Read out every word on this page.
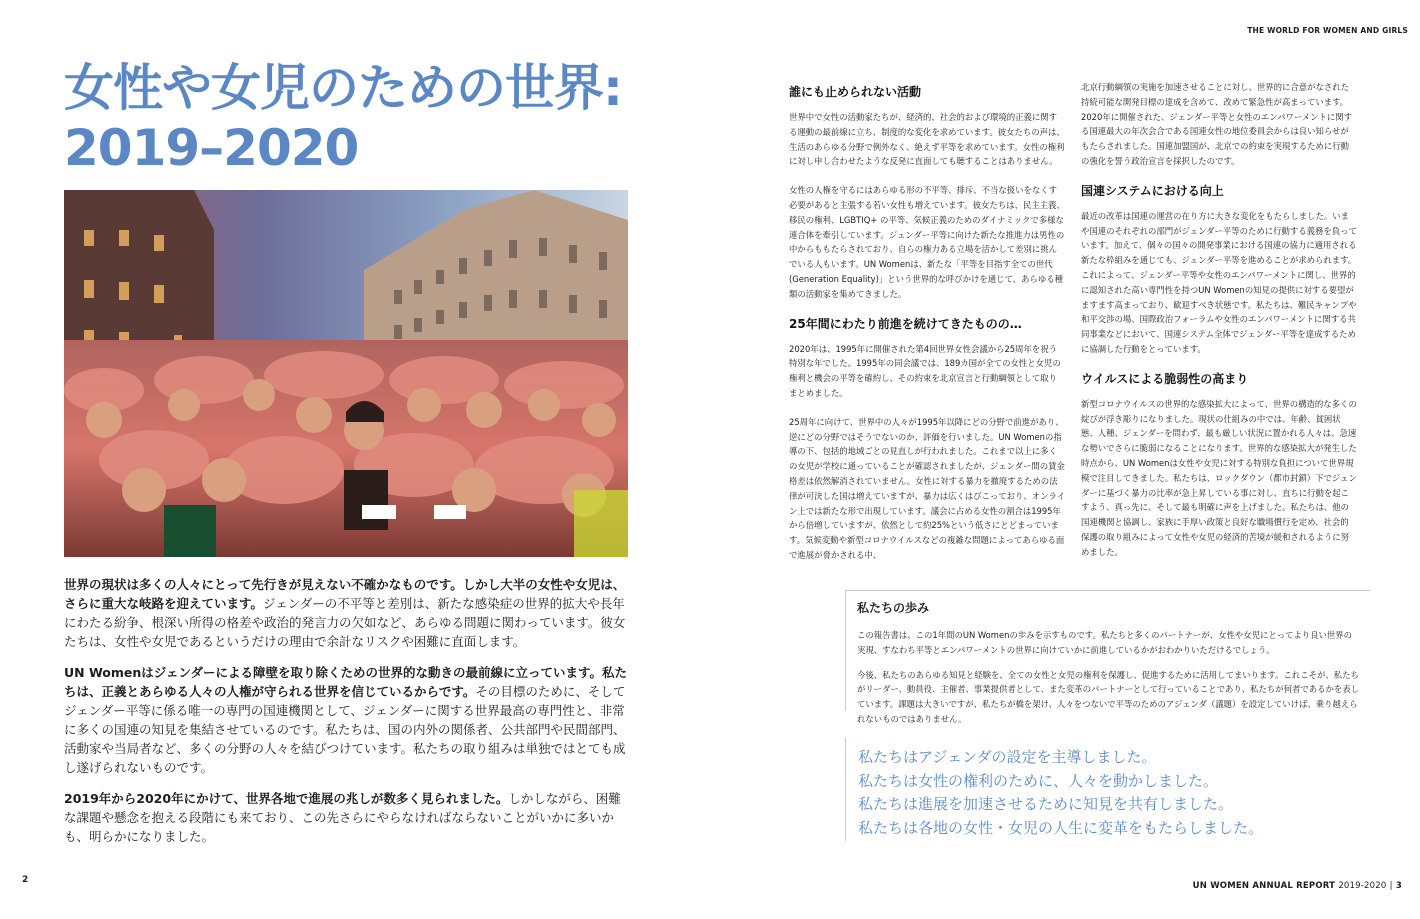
女性や女児のための世界:
2019–2020

世界の現状は多くの人々にとって先行きが見えない不確かなものです。しかし大半の女性や女児は、さらに重大な岐路を迎えています。ジェンダーの不平等と差別は、新たな感染症の世界的拡大や長年にわたる紛争、根深い所得の格差や政治的発言力の欠如など、あらゆる問題に関わっています。彼女たちは、女性や女児であるというだけの理由で余計なリスクや困難に直面します。

UN Womenはジェンダーによる障壁を取り除くための世界的な動きの最前線に立っています。私たちは、正義とあらゆる人々の人権が守られる世界を信じているからです。その目標のために、そしてジェンダー平等に係る唯一の専門の国連機関として、ジェンダーに関する世界最高の専門性と、非常に多くの国連の知見を集結させているのです。私たちは、国の内外の関係者、公共部門や民間部門、活動家や当局者など、多くの分野の人々を結びつけています。私たちの取り組みは単独ではとても成し遂げられないものです。

2019年から2020年にかけて、世界各地で進展の兆しが数多く見られました。しかしながら、困難な課題や懸念を抱える段階にも来ており、この先さらにやらなければならないことがいかに多いかも、明らかになりました。

2
THE WORLD FOR WOMEN AND GIRLS
誰にも止められない活動

世界中で女性の活動家たちが、経済的、社会的および環境的正義に関する運動の最前線に立ち、制度的な変化を求めています。彼女たちの声は、生活のあらゆる分野で例外なく、絶えず平等を求めています。女性の権利に対し申し合わせたような反発に直面しても聴することはありません。

女性の人権を守るにはあらゆる形の不平等、排斥、不当な扱いをなくす必要があると主張する若い女性も増えています。彼女たちは、民主主義、移民の権利、LGBTIQ+ の平等、気候正義のためのダイナミックで多様な連合体を牽引しています。ジェンダー平等に向けた新たな推進力は男性の中からももたらされており、自らの権力ある立場を活かして差別に挑んでいる人もいます。UN Womenは、新たな「平等を目指す全ての世代(Generation Equality)」という世界的な呼びかけを通じて、あらゆる種類の活動家を集めてきました。

25年間にわたり前進を続けてきたものの…

2020年は、1995年に開催された第4回世界女性会議から25周年を祝う特別な年でした。1995年の同会議では、189カ国が全ての女性と女児の権利と機会の平等を確約し、その約束を北京宣言と行動綱領として取りまとめました。

25周年に向けて、世界中の人々が1995年以降にどの分野で前進があり、逆にどの分野ではそうでないのか、評価を行いました。UN Womenの指導の下、包括的地域ごとの見直しが行われました。これまで以上に多くの女児が学校に通っていることが確認されましたが、ジェンダー間の賃金格差は依然解消されていません。女性に対する暴力を撤廃するための法律が可決した国は増えていますが、暴力は広くはびこっており、オンライン上では新たな形で出現しています。議会に占める女性の割合は1995年から倍増していますが、依然として約25%という低さにとどまっています。気候変動や新型コロナウイルスなどの複雑な問題によってあらゆる面で進展が脅かされる中、

北京行動綱領の実施を加速させることに対し、世界的に合意がなされた持続可能な開発目標の達成を含めて、改めて緊急性が高まっています。2020年に開催された、ジェンダー平等と女性のエンパワーメントに関する国連最大の年次会合である国連女性の地位委員会からは良い知らせがもたらされました。国連加盟国が、北京での約束を実現するために行動の強化を誓う政治宣言を採択したのです。

国連システムにおける向上

最近の改革は国連の運営の在り方に大きな変化をもたらしました。いまや国連のそれぞれの部門がジェンダー平等のために行動する義務を負っています。加えて、個々の国々の開発事業における国連の協力に適用される新たな枠組みを通じても、ジェンダー平等を進めることが求められます。これによって、ジェンダー平等や女性のエンパワーメントに関し、世界的に認知された高い専門性を持つUN Womenの知見の提供に対する要望がますます高まっており、歓迎すべき状態です。私たちは、難民キャンプや和平交渉の場、国際政治フォーラムや女性のエンパワーメントに関する共同事業などにおいて、国連システム全体でジェンダー平等を達成するために協調した行動をとっています。

ウイルスによる脆弱性の高まり

新型コロナウイルスの世界的な感染拡大によって、世界の構造的な多くの綻びが浮き彫りになりました。現状の仕組みの中では、年齢、貧困状態、人種、ジェンダーを問わず、最も厳しい状況に置かれる人々は、急速な勢いでさらに脆弱になることになります。世界的な感染拡大が発生した時点から、UN Womenは女性や女児に対する特別な負担について世界規模で注目してきました。私たちは、ロックダウン（都市封鎖）下でジェンダーに基づく暴力の比率が急上昇している事に対し、直ちに行動を起こすよう、真っ先に、そして最も明確に声を上げました。私たちは、他の国連機関と協調し、家族に手厚い政策と良好な職場慣行を定め、社会的保護の取り組みによって女性や女児の経済的苦境が緩和されるように努めました。

私たちの歩み

この報告書は、この1年間のUN Womenの歩みを示すものです。私たちと多くのパートナーが、女性や女児にとってより良い世界の実現、すなわち平等とエンパワーメントの世界に向けていかに前進しているかがおわかりいただけるでしょう。

今後、私たちのあらゆる知見と経験を、全ての女性と女児の権利を保護し、促進するために活用してまいります。これこそが、私たちがリーダー、動員役、主催者、事業提供者として、また変革のパートナーとして行っていることであり、私たちが何者であるかを表しています。課題は大きいですが、私たちが橋を架け、人々をつないで平等のためのアジェンダ（議題）を設定していけば、乗り越えられないものではありません。

私たちはアジェンダの設定を主導しました。
私たちは女性の権利のために、人々を動かしました。
私たちは進展を加速させるために知見を共有しました。
私たちは各地の女性・女児の人生に変革をもたらしました。
UN WOMEN ANNUAL REPORT 2019-2020 | 3
